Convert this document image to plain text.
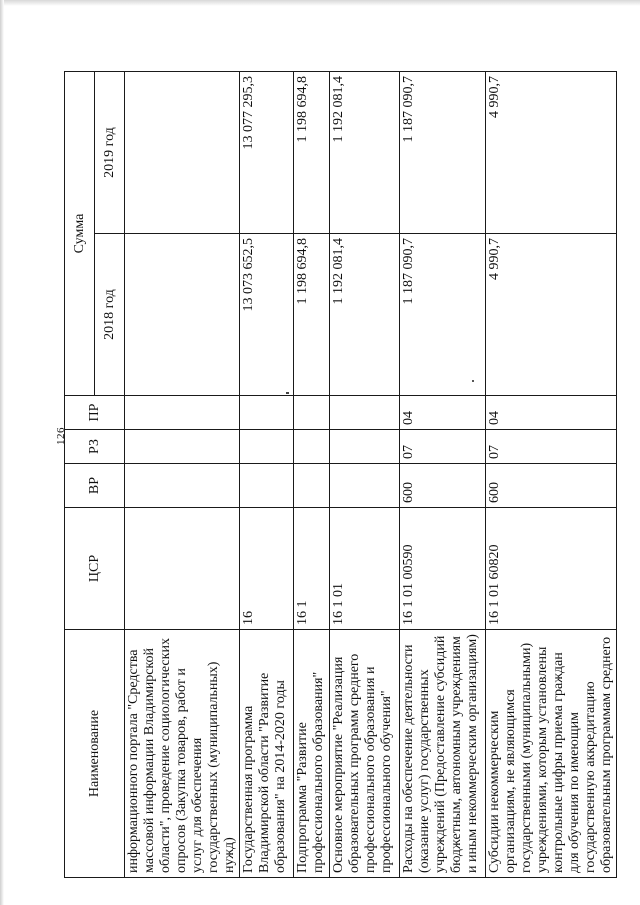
126
Наименование	ЦСР	ВР	РЗ	ПР	Сумма	
					2018 год	2019 год
информационного портала "Средства массовой информации Владимирской области", проведение социологических опросов (Закупка товаров, работ и услуг для обеспечения государственных (муниципальных) нужд)						
Государственная программа Владимирской области "Развитие образования" на 2014-2020 годы	16				13 073 652,5	13 077 295,3
Подпрограмма "Развитие профессионального образования"	16 1				1 198 694,8	1 198 694,8
Основное мероприятие "Реализация образовательных программ среднего профессионального образования и профессионального обучения"	16 1 01				1 192 081,4	1 192 081,4
Расходы на обеспечение деятельности (оказание услуг) государственных учреждений (Предоставление субсидий бюджетным, автономным учреждениям и иным некоммерческим организациям)	16 1 01 00590	600	07	04	1 187 090,7	1 187 090,7
Субсидии некоммерческим организациям, не являющимся государственными (муниципальными) учреждениями, которым установлены контрольные цифры приема граждан для обучения по имеющим государственную аккредитацию образовательным программам среднего	16 1 01 60820	600	07	04	4 990,7	4 990,7
